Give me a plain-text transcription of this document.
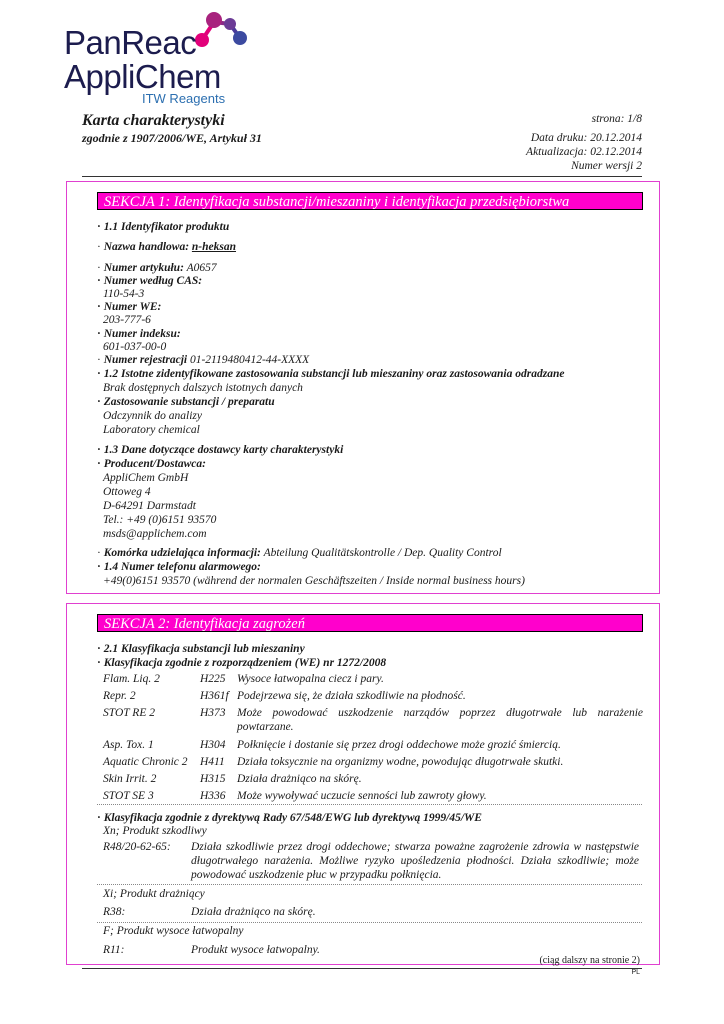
PanReac
AppliChem
ITW Reagents
Karta charakterystyki
zgodnie z 1907/2006/WE, Artykuł 31
strona: 1/8
Data druku: 20.12.2014
Aktualizacja: 02.12.2014
Numer wersji 2
SEKCJA 1: Identyfikacja substancji/mieszaniny i identyfikacja przedsiębiorstwa
· 1.1 Identyfikator produktu
· Nazwa handlowa: n-heksan
· Numer artykułu: A0657
· Numer według CAS:
110-54-3
· Numer WE:
203-777-6
· Numer indeksu:
601-037-00-0
· Numer rejestracji 01-2119480412-44-XXXX
· 1.2 Istotne zidentyfikowane zastosowania substancji lub mieszaniny oraz zastosowania odradzane
Brak dostępnych dalszych istotnych danych
· Zastosowanie substancji / preparatu
Odczynnik do analizy
Laboratory chemical
· 1.3 Dane dotyczące dostawcy karty charakterystyki
· Producent/Dostawca:
AppliChem GmbH
Ottoweg 4
D-64291 Darmstadt
Tel.: +49 (0)6151 93570
msds@applichem.com
· Komórka udzielająca informacji: Abteilung Qualitätskontrolle / Dep. Quality Control
· 1.4 Numer telefonu alarmowego:
+49(0)6151 93570 (während der normalen Geschäftszeiten / Inside normal business hours)
SEKCJA 2: Identyfikacja zagrożeń
· 2.1 Klasyfikacja substancji lub mieszaniny
· Klasyfikacja zgodnie z rozporządzeniem (WE) nr 1272/2008
Flam. Liq. 2	H225 Wysoce łatwopalna ciecz i pary.
Repr. 2	H361f Podejrzewa się, że działa szkodliwie na płodność.
STOT RE 2	H373 Może powodować uszkodzenie narządów poprzez długotrwałe lub narażenie powtarzane.
Asp. Tox. 1	H304 Połknięcie i dostanie się przez drogi oddechowe może grozić śmiercią.
Aquatic Chronic 2 H411 Działa toksycznie na organizmy wodne, powodując długotrwałe skutki.
Skin Irrit. 2	H315 Działa drażniąco na skórę.
STOT SE 3	H336 Może wywoływać uczucie senności lub zawroty głowy.
· Klasyfikacja zgodnie z dyrektywą Rady 67/548/EWG lub dyrektywą 1999/45/WE
Xn; Produkt szkodliwy
R48/20-62-65: Działa szkodliwie przez drogi oddechowe; stwarza poważne zagrożenie zdrowia w następstwie długotrwałego narażenia. Możliwe ryzyko upośledzenia płodności. Działa szkodliwie; może powodować uszkodzenie płuc w przypadku połknięcia.
Xi; Produkt drażniący
R38:	Działa drażniąco na skórę.
F; Produkt wysoce łatwopalny
R11:	Produkt wysoce łatwopalny.
(ciąg dalszy na stronie 2)
PL
